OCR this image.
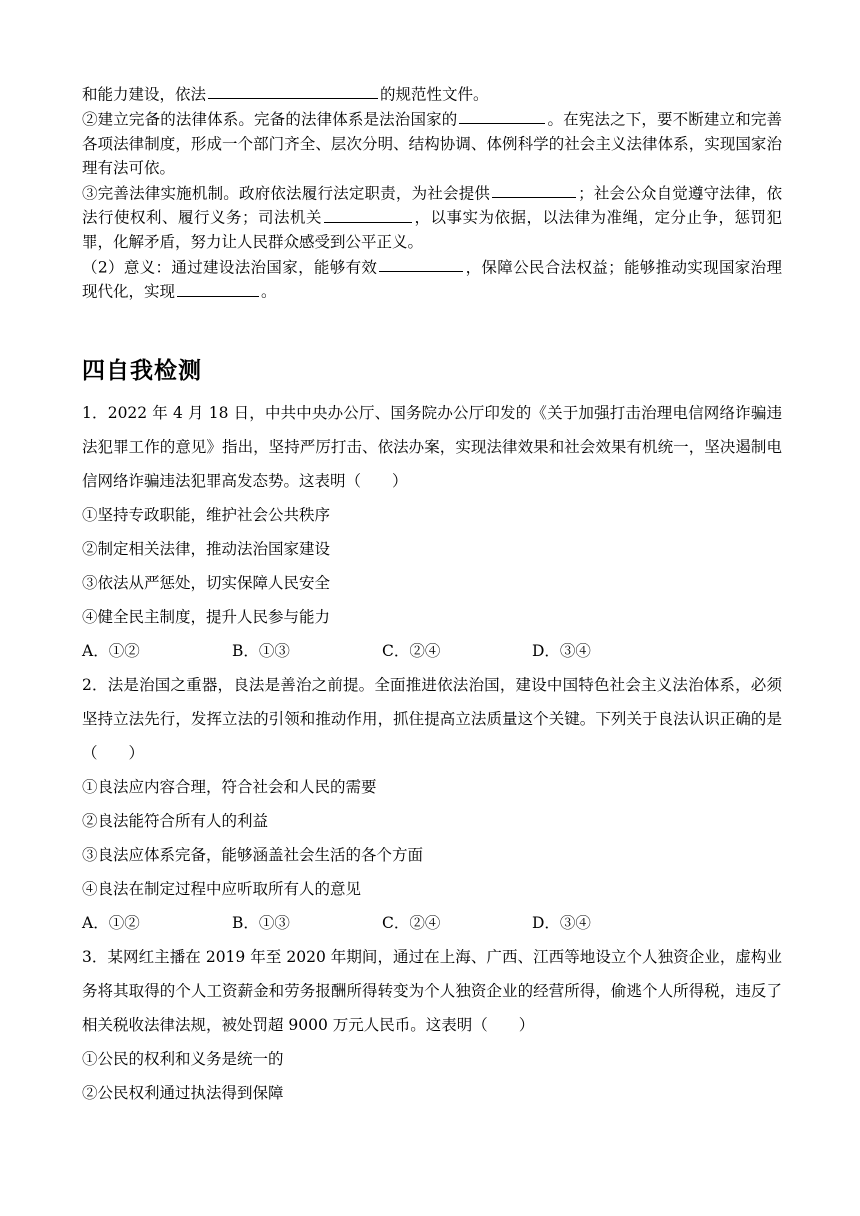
和能力建设，依法	的规范性文件。

②建立完备的法律体系。完备的法律体系是法治国家的	。在宪法之下，要不断建立和完善各项法律制度，形成一个部门齐全、层次分明、结构协调、体例科学的社会主义法律体系，实现国家治理有法可依。

③完善法律实施机制。政府依法履行法定职责，为社会提供	；社会公众自觉遵守法律，依法行使权利、履行义务；司法机关	，以事实为依据，以法律为准绳，定分止争，惩罚犯罪，化解矛盾，努力让人民群众感受到公平正义。

（2）意义：通过建设法治国家，能够有效	，保障公民合法权益；能够推动实现国家治理现代化，实现	。

四自我检测

1．2022 年 4 月 18 日，中共中央办公厅、国务院办公厅印发的《关于加强打击治理电信网络诈骗违法犯罪工作的意见》指出，坚持严厉打击、依法办案，实现法律效果和社会效果有机统一，坚决遏制电信网络诈骗违法犯罪高发态势。这表明（　　）

①坚持专政职能，维护社会公共秩序

②制定相关法律，推动法治国家建设

③依法从严惩处，切实保障人民安全

④健全民主制度，提升人民参与能力

A．①②	B．①③	C．②④	D．③④

2．法是治国之重器，良法是善治之前提。全面推进依法治国，建设中国特色社会主义法治体系，必须坚持立法先行，发挥立法的引领和推动作用，抓住提高立法质量这个关键。下列关于良法认识正确的是（　　）

①良法应内容合理，符合社会和人民的需要

②良法能符合所有人的利益

③良法应体系完备，能够涵盖社会生活的各个方面

④良法在制定过程中应听取所有人的意见

A．①②	B．①③	C．②④	D．③④

3．某网红主播在 2019 年至 2020 年期间，通过在上海、广西、江西等地设立个人独资企业，虚构业务将其取得的个人工资薪金和劳务报酬所得转变为个人独资企业的经营所得，偷逃个人所得税，违反了相关税收法律法规，被处罚超 9000 万元人民币。这表明（　　）

①公民的权利和义务是统一的

②公民权利通过执法得到保障
